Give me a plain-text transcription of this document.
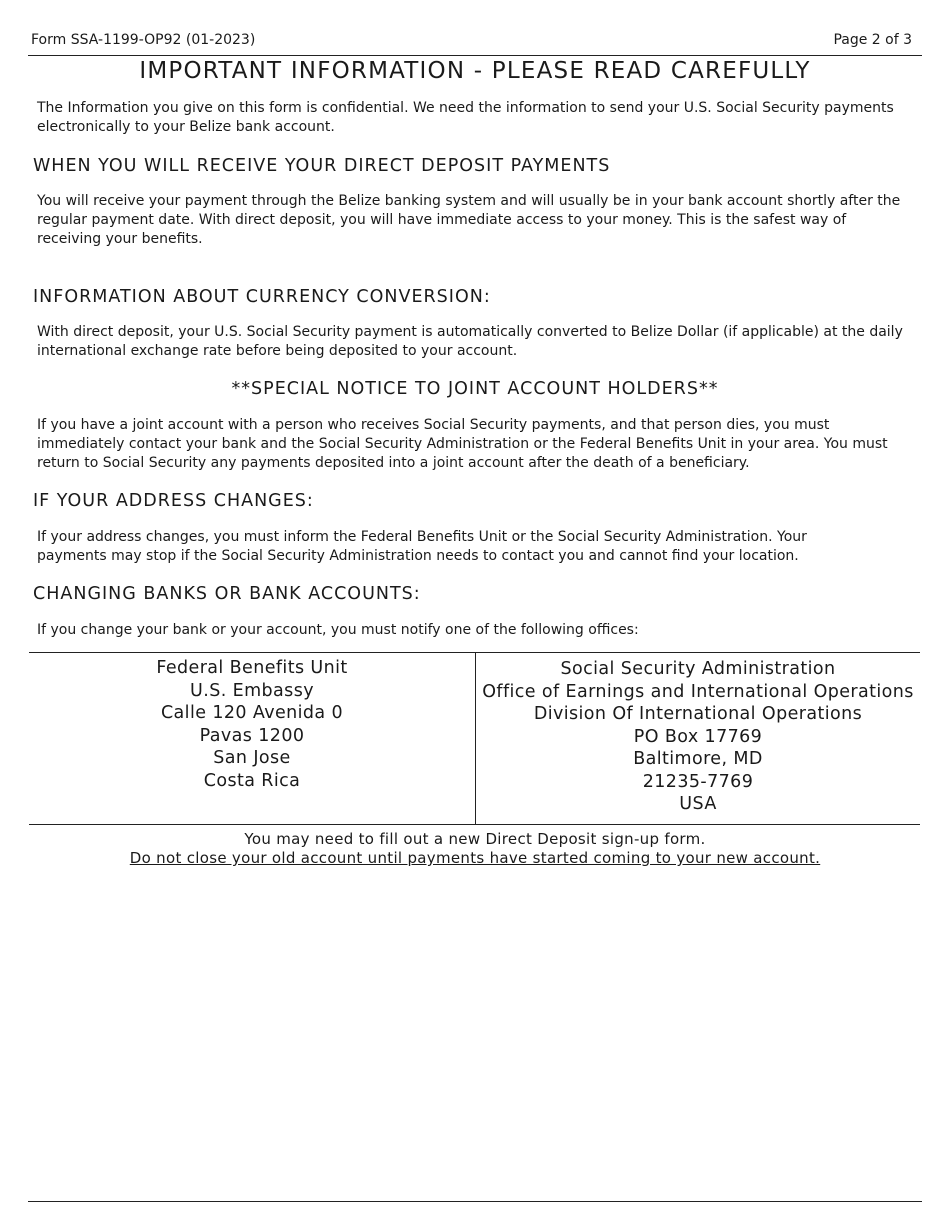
Form SSA-1199-OP92 (01-2023)	Page 2 of 3
IMPORTANT INFORMATION - PLEASE READ CAREFULLY
The Information you give on this form is confidential. We need the information to send your U.S. Social Security payments electronically to your Belize bank account.
WHEN YOU WILL RECEIVE YOUR DIRECT DEPOSIT PAYMENTS
You will receive your payment through the Belize banking system and will usually be in your bank account shortly after the regular payment date. With direct deposit, you will have immediate access to your money. This is the safest way of receiving your benefits.
INFORMATION ABOUT CURRENCY CONVERSION:
With direct deposit, your U.S. Social Security payment is automatically converted to Belize Dollar (if applicable) at the daily international exchange rate before being deposited to your account.
**SPECIAL NOTICE TO JOINT ACCOUNT HOLDERS**
If you have a joint account with a person who receives Social Security payments, and that person dies, you must immediately contact your bank and the Social Security Administration or the Federal Benefits Unit in your area. You must return to Social Security any payments deposited into a joint account after the death of a beneficiary.
IF YOUR ADDRESS CHANGES:
If your address changes, you must inform the Federal Benefits Unit or the Social Security Administration. Your
payments may stop if the Social Security Administration needs to contact you and cannot find your location.
CHANGING BANKS OR BANK ACCOUNTS:
If you change your bank or your account, you must notify one of the following offices:
Federal Benefits Unit
U.S. Embassy
Calle 120 Avenida 0
Pavas 1200
San Jose
Costa Rica
Social Security Administration
Office of Earnings and International Operations
Division Of International Operations
PO Box 17769
Baltimore, MD
21235-7769
USA
You may need to fill out a new Direct Deposit sign-up form.
Do not close your old account until payments have started coming to your new account.
